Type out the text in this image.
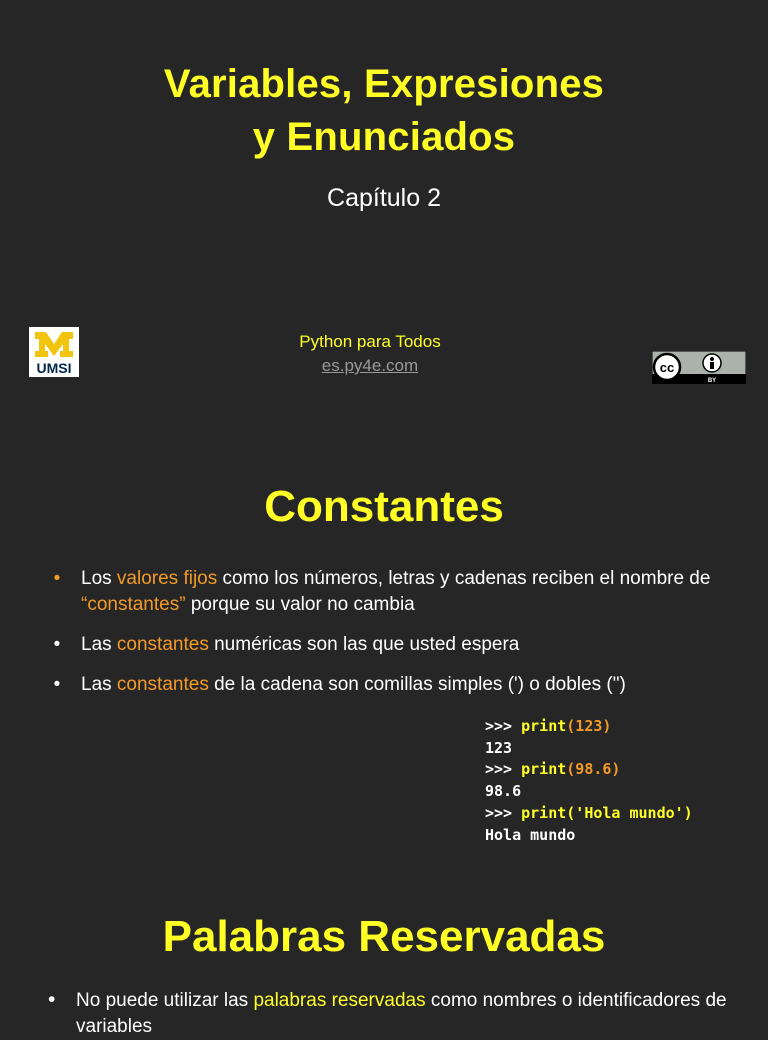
Variables, Expresiones
y Enunciados
Capítulo 2
UMSI
Python para Todos
es.py4e.com	cc
BY
Constantes
• Los valores fijos como los números, letras y cadenas reciben el nombre de “constantes” porque su valor no cambia
• Las constantes numéricas son las que usted espera
• Las constantes de la cadena son comillas simples (') o dobles (")
>>> print(123)
123
>>> print(98.6)
98.6
>>> print('Hola mundo')
Hola mundo
Palabras Reservadas
• No puede utilizar las palabras reservadas como nombres o identificadores de variables
